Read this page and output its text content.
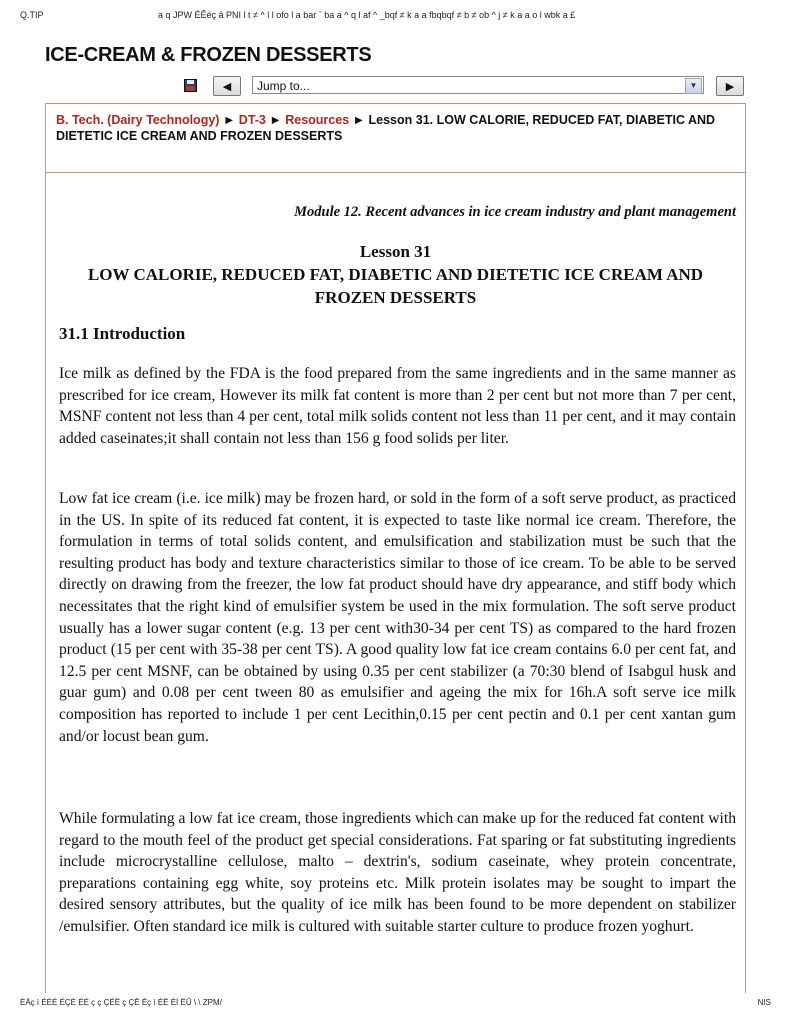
Q.TIP	a q JPW ÉÊéç â PNI l t ≠ ^ l l ofo l a bar ` ba a ^ q l af ^ _bqf ≠ k a a fbqbqf ≠ b ≠ ob ^ j ≠ k a a o l wbk a £
ICE-CREAM & FROZEN DESSERTS
◀	Jump to...	▼	▶
B. Tech. (Dairy Technology) ► DT-3 ► Resources ► Lesson 31. LOW CALORIE, REDUCED FAT, DIABETIC AND DIETETIC ICE CREAM AND FROZEN DESSERTS
Module 12. Recent advances in ice cream industry and plant management
Lesson 31
LOW CALORIE, REDUCED FAT, DIABETIC AND DIETETIC ICE CREAM AND FROZEN DESSERTS
31.1 Introduction

Ice milk as defined by the FDA is the food prepared from the same ingredients and in the same manner as prescribed for ice cream, However its milk fat content is more than 2 per cent but not more than 7 per cent, MSNF content not less than 4 per cent, total milk solids content not less than 11 per cent, and it may contain added caseinates;it shall contain not less than 156 g food solids per liter.

Low fat ice cream (i.e. ice milk) may be frozen hard, or sold in the form of a soft serve product, as practiced in the US. In spite of its reduced fat content, it is expected to taste like normal ice cream. Therefore, the formulation in terms of total solids content, and emulsification and stabilization must be such that the resulting product has body and texture characteristics similar to those of ice cream. To be able to be served directly on drawing from the freezer, the low fat product should have dry appearance, and stiff body which necessitates that the right kind of emulsifier system be used in the mix formulation. The soft serve product usually has a lower sugar content (e.g. 13 per cent with30-34 per cent TS) as compared to the hard frozen product (15 per cent with 35-38 per cent TS). A good quality low fat ice cream contains 6.0 per cent fat, and 12.5 per cent MSNF, can be obtained by using 0.35 per cent stabilizer (a 70:30 blend of Isabgul husk and guar gum) and 0.08 per cent tween 80 as emulsifier and ageing the mix for 16h.A soft serve ice milk composition has reported to include 1 per cent Lecithin,0.15 per cent pectin and 0.1 per cent xantan gum and/or locust bean gum.

While formulating a low fat ice cream, those ingredients which can make up for the reduced fat content with regard to the mouth feel of the product get special considerations. Fat sparing or fat substituting ingredients include microcrystalline cellulose, malto – dextrin's, sodium caseinate, whey protein concentrate, preparations containing egg white, soy proteins etc. Milk protein isolates may be sought to impart the desired sensory attributes, but the quality of ice milk has been found to be more dependent on stabilizer /emulsifier. Often standard ice milk is cultured with suitable starter culture to produce frozen yoghurt.

ÉÄç ì ÉÉÉ ÉÇÉ ÉÉ ç ç ÇÉË ç ÇÊ Éç ì ÉË ÉÍ ËÛ \ \ ZPM/	NIS
